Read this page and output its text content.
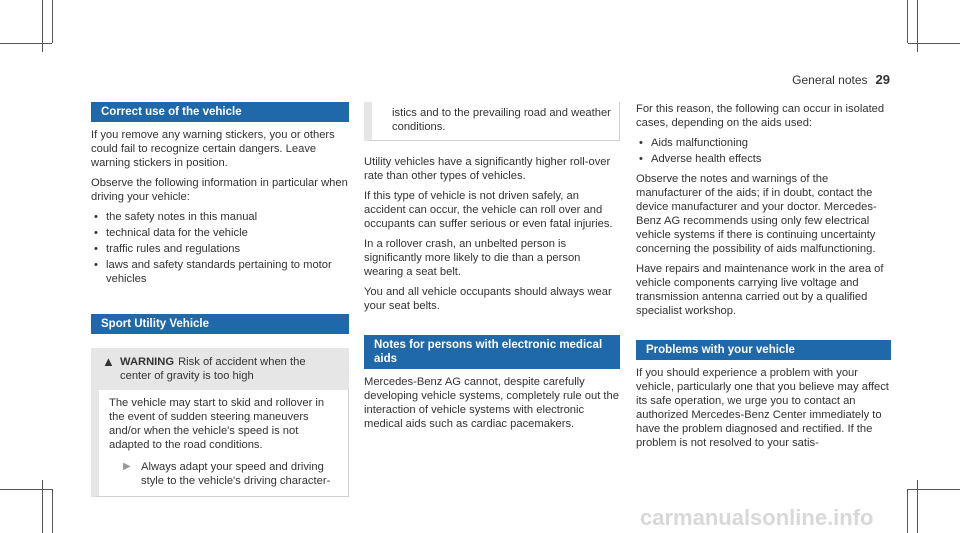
General notes 29
Correct use of the vehicle

If you remove any warning stickers, you or others could fail to recognize certain dangers. Leave warning stickers in position.

Observe the following information in particular when driving your vehicle:

• the safety notes in this manual
• technical data for the vehicle
• traffic rules and regulations
• laws and safety standards pertaining to motor vehicles
Sport Utility Vehicle
▲ WARNING Risk of accident when the center of gravity is too high

The vehicle may start to skid and rollover in the event of sudden steering maneuvers and/or when the vehicle's speed is not adapted to the road conditions.

▶ Always adapt your speed and driving style to the vehicle's driving character-
istics and to the prevailing road and weather conditions.

Utility vehicles have a significantly higher roll-over rate than other types of vehicles.

If this type of vehicle is not driven safely, an accident can occur, the vehicle can roll over and occupants can suffer serious or even fatal injuries.

In a rollover crash, an unbelted person is significantly more likely to die than a person wearing a seat belt.

You and all vehicle occupants should always wear your seat belts.

Notes for persons with electronic medical aids

Mercedes-Benz AG cannot, despite carefully developing vehicle systems, completely rule out the interaction of vehicle systems with electronic medical aids such as cardiac pacemakers.

For this reason, the following can occur in isolated cases, depending on the aids used:

• Aids malfunctioning
• Adverse health effects

Observe the notes and warnings of the manufacturer of the aids; if in doubt, contact the device manufacturer and your doctor. Mercedes-Benz AG recommends using only few electrical vehicle systems if there is continuing uncertainty concerning the possibility of aids malfunctioning.

Have repairs and maintenance work in the area of vehicle components carrying live voltage and transmission antenna carried out by a qualified specialist workshop.

Problems with your vehicle

If you should experience a problem with your vehicle, particularly one that you believe may affect its safe operation, we urge you to contact an authorized Mercedes-Benz Center immediately to have the problem diagnosed and rectified. If the problem is not resolved to your satis-

carmanualsonline.info
